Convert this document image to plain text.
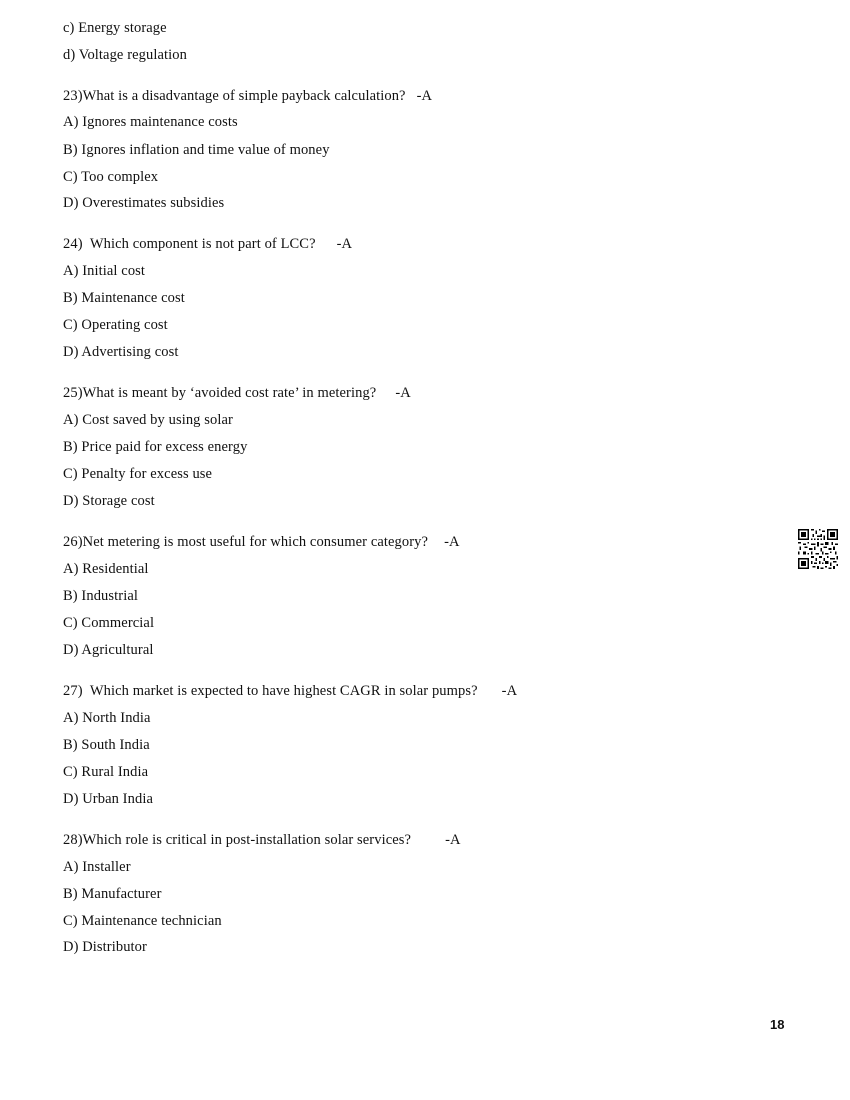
c) Energy storage
d) Voltage regulation
23)What is a disadvantage of simple payback calculation? -A
A) Ignores maintenance costs
B) Ignores inflation and time value of money
C) Too complex
D) Overestimates subsidies
24)  Which component is not part of LCC? -A
A) Initial cost
B) Maintenance cost
C) Operating cost
D) Advertising cost
25)What is meant by ‘avoided cost rate’ in metering? -A
A) Cost saved by using solar
B) Price paid for excess energy
C) Penalty for excess use
D) Storage cost
26)Net metering is most useful for which consumer category? -A
A) Residential
B) Industrial
C) Commercial
D) Agricultural
27)  Which market is expected to have highest CAGR in solar pumps? -A
A) North India
B) South India
C) Rural India
D) Urban India
28)Which role is critical in post-installation solar services? -A
A) Installer
B) Manufacturer
C) Maintenance technician
D) Distributor
18
